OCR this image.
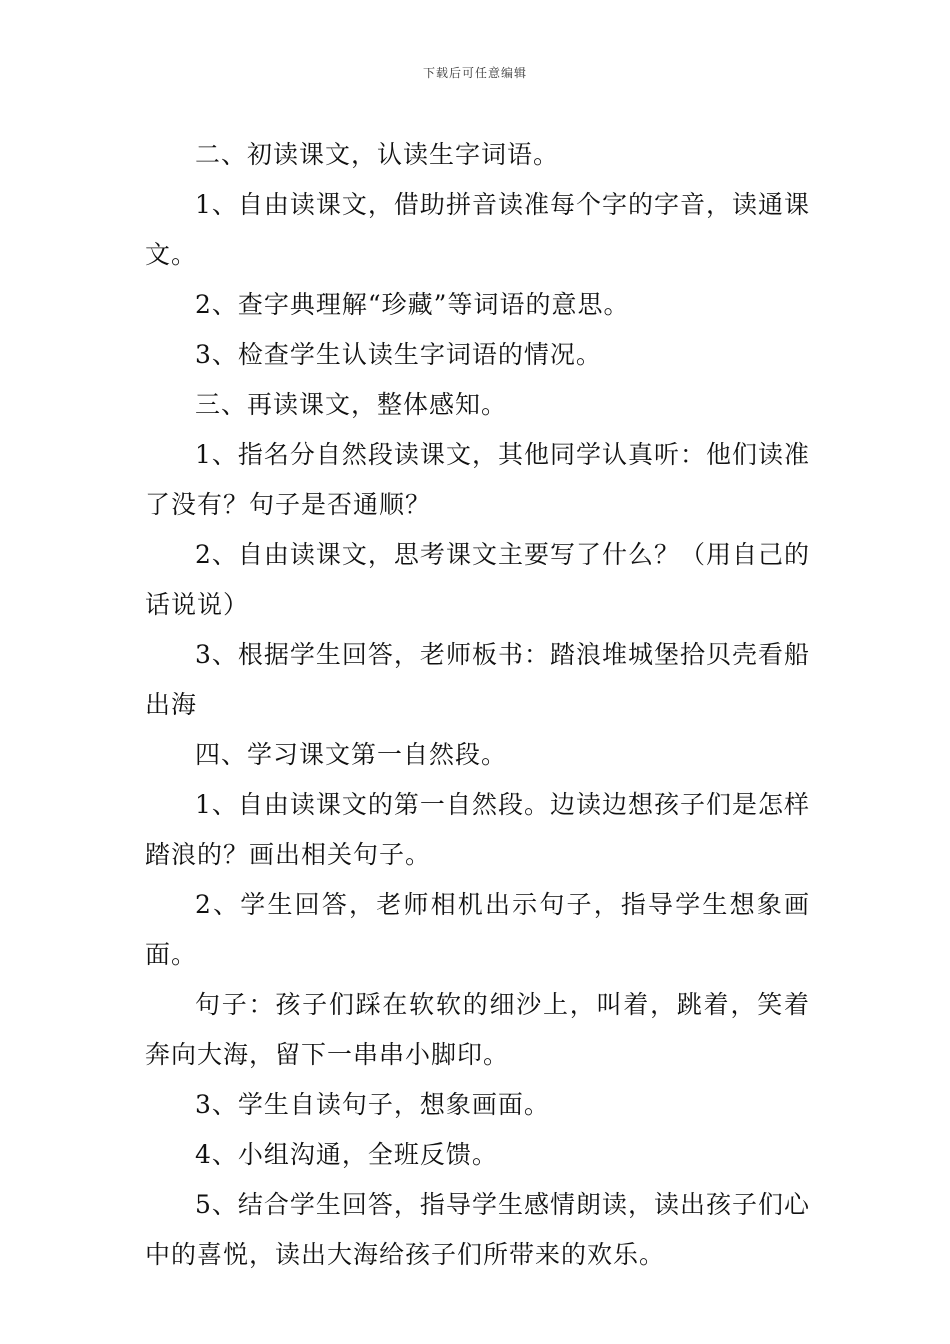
下载后可任意编辑

二、初读课文，认读生字词语。

1、自由读课文，借助拼音读准每个字的字音，读通课文。

2、查字典理解“珍藏”等词语的意思。

3、检查学生认读生字词语的情况。

三、再读课文，整体感知。

1、指名分自然段读课文，其他同学认真听：他们读准了没有？句子是否通顺？

2、自由读课文，思考课文主要写了什么？（用自己的话说说）

3、根据学生回答，老师板书：踏浪堆城堡拾贝壳看船出海

四、学习课文第一自然段。

1、自由读课文的第一自然段。边读边想孩子们是怎样踏浪的？画出相关句子。

2、学生回答，老师相机出示句子，指导学生想象画面。

句子：孩子们踩在软软的细沙上，叫着，跳着，笑着奔向大海，留下一串串小脚印。

3、学生自读句子，想象画面。

4、小组沟通，全班反馈。

5、结合学生回答，指导学生感情朗读，读出孩子们心中的喜悦，读出大海给孩子们所带来的欢乐。
